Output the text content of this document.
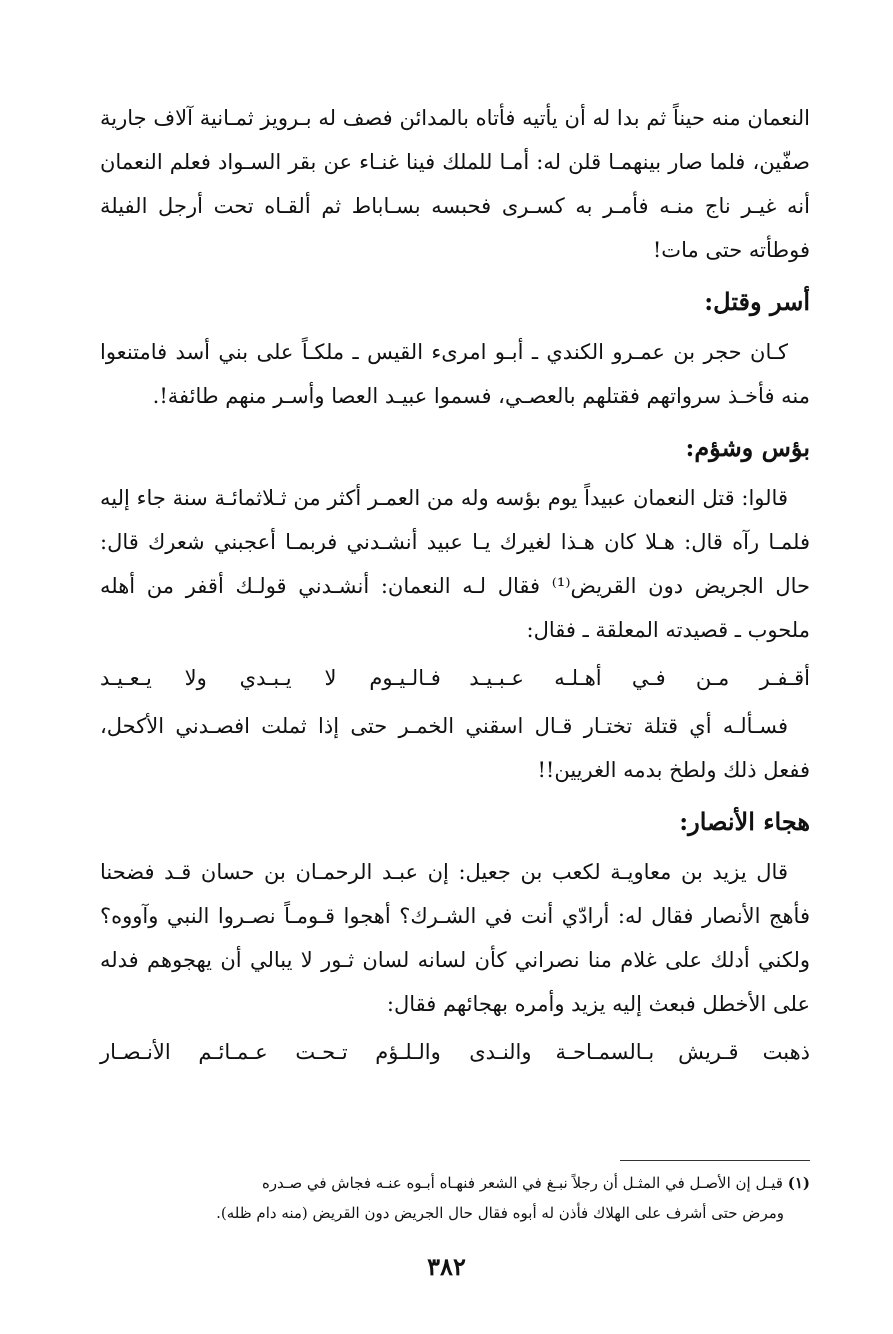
النعمان منه حيناً ثم بدا له أن يأتيه فأتاه بالمدائن فصف له بـرويز ثمـانية آلاف جارية صفّين، فلما صار بينهمـا قلن له: أمـا للملك فينا غنـاء عن بقر السـواد فعلم النعمان أنه غيـر ناج منـه فأمـر به كسـرى فحبسه بسـاباط ثم ألقـاه تحت أرجل الفيلة فوطأته حتى مات!

أسر وقتل:

كـان حجر بن عمـرو الكندي ـ أبـو امرىء القيس ـ ملكـاً على بني أسد فامتنعوا منه فأخـذ سرواتهم فقتلهم بالعصـي، فسموا عبيـد العصا وأسـر منهم طائفة!.

بؤس وشؤم:

قالوا: قتل النعمان عبيداً يوم بؤسه وله من العمـر أكثر من ثـلاثمائـة سنة جاء إليه فلمـا رآه قال: هـلا كان هـذا لغيرك يـا عبيد أنشـدني فربمـا أعجبني شعرك قال: حال الجريض دون القريض⁽¹⁾ فقال لـه النعمان: أنشـدني قولـك أقفر من أهله ملحوب ـ قصيدته المعلقة ـ فقال:

أقـفـر مـن فـي أهـلـه عـبـيـد
فـالـيـوم لا يـبـدي ولا يـعـيـد

فسـألـه أي قتلة تختـار قـال اسقني الخمـر حتى إذا ثملت افصـدني الأكحل، ففعل ذلك ولطخ بدمه الغريين!!

هجاء الأنصار:

قال يزيد بن معاويـة لكعب بن جعيل: إن عبـد الرحمـان بن حسان قـد فضحنا فأهج الأنصار فقال له: أرادّي أنت في الشـرك؟ أهجوا قـومـاً نصـروا النبي وآووه؟ ولكني أدلك على غلام منا نصراني كأن لسانه لسان ثـور لا يبالي أن يهجوهم فدله على الأخطل فبعث إليه يزيد وأمره بهجائهم فقال:

ذهبت قـريش بـالسمـاحـة والنـدى
والـلـؤم تـحـت عـمـائـم الأنـصـار

(١) قيـل إن الأصـل في المثـل أن رجلاً نبـغ في الشعر فنهـاه أبـوه عنـه فجاش في صـدره

ومرض حتى أشرف على الهلاك فأذن له أبوه فقال حال الجريض دون القريض (منه دام ظله).

٣٨٢
